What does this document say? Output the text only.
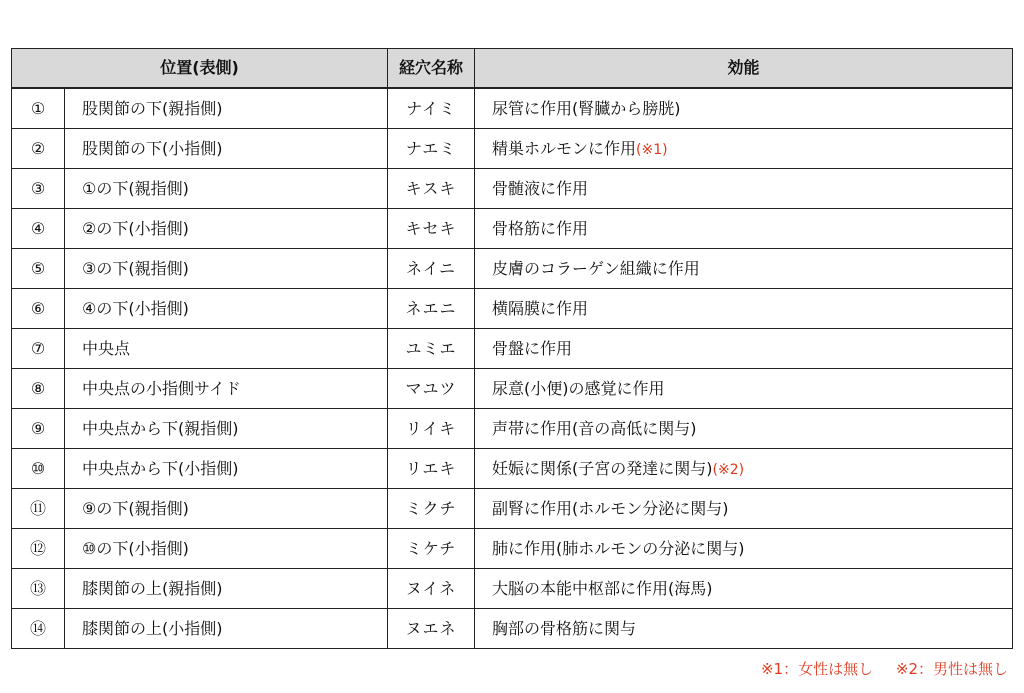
位置(表側)		経穴名称	効能
①	股関節の下(親指側)	ナイミ	尿管に作用(腎臓から膀胱)
②	股関節の下(小指側)	ナエミ	精巣ホルモンに作用(※1)
③	①の下(親指側)	キスキ	骨髄液に作用
④	②の下(小指側)	キセキ	骨格筋に作用
⑤	③の下(親指側)	ネイニ	皮膚のコラーゲン組織に作用
⑥	④の下(小指側)	ネエニ	横隔膜に作用
⑦	中央点	ユミエ	骨盤に作用
⑧	中央点の小指側サイド	マユツ	尿意(小便)の感覚に作用
⑨	中央点から下(親指側)	リイキ	声帯に作用(音の高低に関与)
⑩	中央点から下(小指側)	リエキ	妊娠に関係(子宮の発達に関与)(※2)
⑪	⑨の下(親指側)	ミクチ	副腎に作用(ホルモン分泌に関与)
⑫	⑩の下(小指側)	ミケチ	肺に作用(肺ホルモンの分泌に関与)
⑬	膝関節の上(親指側)	ヌイネ	大脳の本能中枢部に作用(海馬)
⑭	膝関節の上(小指側)	ヌエネ	胸部の骨格筋に関与
※1：女性は無し ※2：男性は無し
